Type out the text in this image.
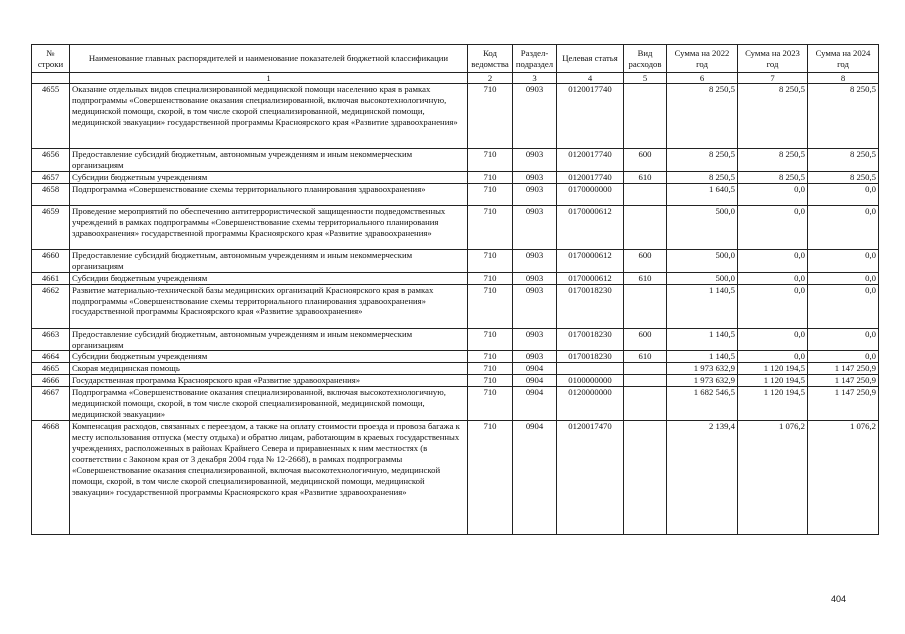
№ строки	Наименование главных распорядителей и наименование показателей бюджетной классификации	Код ведомства	Раздел-подраздел	Целевая статья	Вид расходов	Сумма на 2022 год	Сумма на 2023 год	Сумма на 2024 год
	1	2	3	4	5	6	7	8
4655	Оказание отдельных видов специализированной медицинской помощи населению края в рамках подпрограммы «Совершенствование оказания специализированной, включая высокотехнологичную, медицинской помощи, скорой, в том числе скорой специализированной, медицинской помощи, медицинской эвакуации» государственной программы Красноярского края «Развитие здравоохранения»	710	0903	0120017740		8 250,5	8 250,5	8 250,5
4656	Предоставление субсидий бюджетным, автономным учреждениям и иным некоммерческим организациям	710	0903	0120017740	600	8 250,5	8 250,5	8 250,5
4657	Субсидии бюджетным учреждениям	710	0903	0120017740	610	8 250,5	8 250,5	8 250,5
4658	Подпрограмма «Совершенствование схемы территориального планирования здравоохранения»	710	0903	0170000000		1 640,5	0,0	0,0
4659	Проведение мероприятий по обеспечению антитеррористической защищенности подведомственных учреждений в рамках подпрограммы «Совершенствование схемы территориального планирования здравоохранения» государственной программы Красноярского края «Развитие здравоохранения»	710	0903	0170000612		500,0	0,0	0,0
4660	Предоставление субсидий бюджетным, автономным учреждениям и иным некоммерческим организациям	710	0903	0170000612	600	500,0	0,0	0,0
4661	Субсидии бюджетным учреждениям	710	0903	0170000612	610	500,0	0,0	0,0
4662	Развитие материально-технической базы медицинских организаций Красноярского края в рамках подпрограммы «Совершенствование схемы территориального планирования здравоохранения» государственной программы Красноярского края «Развитие здравоохранения»	710	0903	0170018230		1 140,5	0,0	0,0
4663	Предоставление субсидий бюджетным, автономным учреждениям и иным некоммерческим организациям	710	0903	0170018230	600	1 140,5	0,0	0,0
4664	Субсидии бюджетным учреждениям	710	0903	0170018230	610	1 140,5	0,0	0,0
4665	Скорая медицинская помощь	710	0904			1 973 632,9	1 120 194,5	1 147 250,9
4666	Государственная программа Красноярского края «Развитие здравоохранения»	710	0904	0100000000		1 973 632,9	1 120 194,5	1 147 250,9
4667	Подпрограмма «Совершенствование оказания специализированной, включая высокотехнологичную, медицинской помощи, скорой, в том числе скорой специализированной, медицинской помощи, медицинской эвакуации»	710	0904	0120000000		1 682 546,5	1 120 194,5	1 147 250,9
4668	Компенсация расходов, связанных с переездом, а также на оплату стоимости проезда и провоза багажа к месту использования отпуска (месту отдыха) и обратно лицам, работающим в краевых государственных учреждениях, расположенных в районах Крайнего Севера и приравненных к ним местностях (в соответствии с Законом края от 3 декабря 2004 года № 12-2668), в рамках подпрограммы «Совершенствование оказания специализированной, включая высокотехнологичную, медицинской помощи, скорой, в том числе скорой специализированной, медицинской помощи, медицинской эвакуации» государственной программы Красноярского края «Развитие здравоохранения»	710	0904	0120017470		2 139,4	1 076,2	1 076,2
404
